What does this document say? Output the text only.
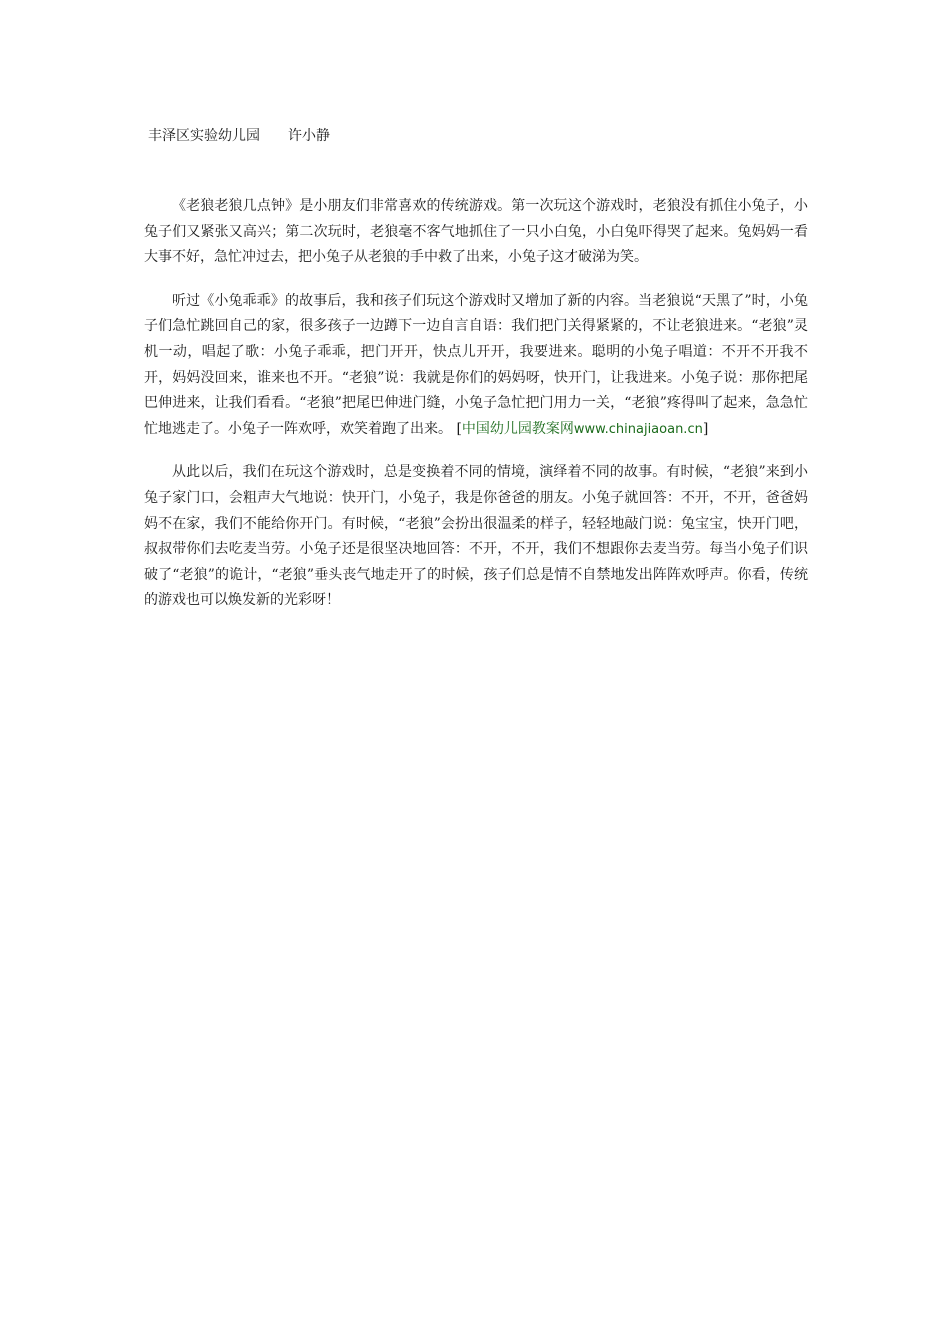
丰泽区实验幼儿园 许小静

《老狼老狼几点钟》是小朋友们非常喜欢的传统游戏。第一次玩这个游戏时，老狼没有抓住小兔子，小兔子们又紧张又高兴；第二次玩时，老狼毫不客气地抓住了一只小白兔，小白兔吓得哭了起来。兔妈妈一看大事不好，急忙冲过去，把小兔子从老狼的手中救了出来，小兔子这才破涕为笑。

听过《小兔乖乖》的故事后，我和孩子们玩这个游戏时又增加了新的内容。当老狼说“天黑了”时，小兔子们急忙跳回自己的家，很多孩子一边蹲下一边自言自语：我们把门关得紧紧的，不让老狼进来。“老狼”灵机一动，唱起了歌：小兔子乖乖，把门开开，快点儿开开，我要进来。聪明的小兔子唱道：不开不开我不开，妈妈没回来，谁来也不开。“老狼”说：我就是你们的妈妈呀，快开门，让我进来。小兔子说：那你把尾巴伸进来，让我们看看。“老狼”把尾巴伸进门缝，小兔子急忙把门用力一关，“老狼”疼得叫了起来，急急忙忙地逃走了。小兔子一阵欢呼，欢笑着跑了出来。 [中国幼儿园教案网www.chinajiaoan.cn]

从此以后，我们在玩这个游戏时，总是变换着不同的情境，演绎着不同的故事。有时候，“老狼”来到小兔子家门口，会粗声大气地说：快开门，小兔子，我是你爸爸的朋友。小兔子就回答：不开，不开，爸爸妈妈不在家，我们不能给你开门。有时候，“老狼”会扮出很温柔的样子，轻轻地敲门说：兔宝宝，快开门吧，叔叔带你们去吃麦当劳。小兔子还是很坚决地回答：不开，不开，我们不想跟你去麦当劳。每当小兔子们识破了“老狼”的诡计，“老狼”垂头丧气地走开了的时候，孩子们总是情不自禁地发出阵阵欢呼声。你看，传统的游戏也可以焕发新的光彩呀！
